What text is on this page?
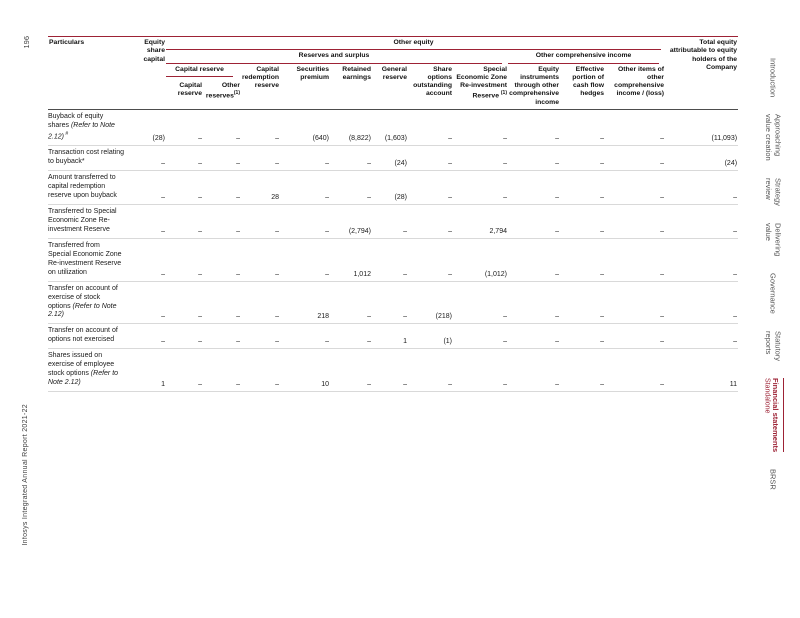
196
Infosys Integrated Annual Report 2021-22
Particulars	Equity share capital	Other equity											Total equity attributable to equity holders of the Company

		Reserves and surplus								Other comprehensive income			

		Capital reserve		Capital redemption reserve	Securities premium	Retained earnings	General reserve	Share options outstanding account	Special Economic Zone Re-investment Reserve $^{(1)}$	Equity instruments through other comprehensive income	Effective portion of cash flow hedges	Other items of other comprehensive income / (loss)	
		Capital reserve	Other reserves$^{(1)}$
Buyback of equity shares (Refer to Note 2.12) #	(28)	–	–	–	(640)	(8,822)	(1,603)	–	–	–	–	–	(11,093)
Transaction cost relating to buyback*	–	–	–	–	–	–	(24)	–	–	–	–	–	(24)
Amount transferred to capital redemption reserve upon buyback	–	–	–	28	–	–	(28)	–	–	–	–	–	–
Transferred to Special Economic Zone Re-investment Reserve	–	–	–	–	–	(2,794)	–	–	2,794	–	–	–	–
Transferred from Special Economic Zone Re-investment Reserve on utilization	–	–	–	–	–	1,012	–	–	(1,012)	–	–	–	–
Transfer on account of exercise of stock options (Refer to Note 2.12)	–	–	–	–	218	–	–	(218)	–	–	–	–	–
Transfer on account of options not exercised	–	–	–	–	–	–	1	(1)	–	–	–	–	–
Shares issued on exercise of employee stock options (Refer to Note 2.12)	1	–	–	–	10	–	–	–	–	–	–	–	11
Introduction
Approaching
value creation
Strategy
review
Delivering
value
Governance
Statutory
reports
Financial statements
Standalone
BRSR
